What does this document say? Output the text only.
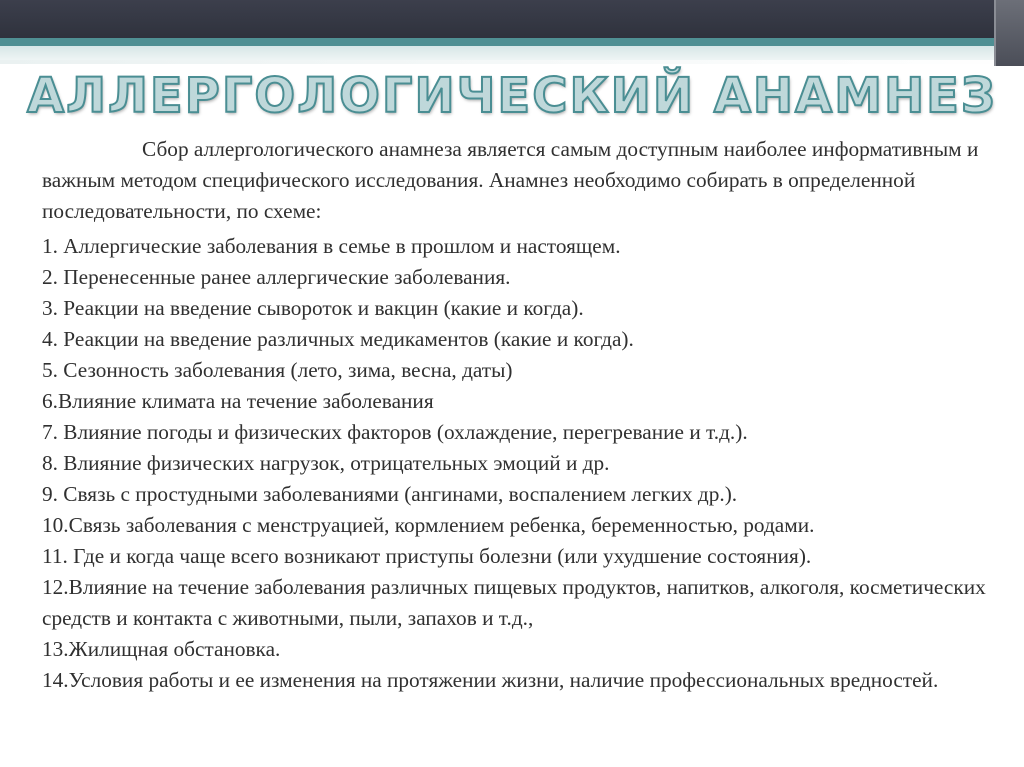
АЛЛЕРГОЛОГИЧЕСКИЙ АНАМНЕЗ

Сбор аллергологического анамнеза является самым доступным наиболее информативным и важным методом специфического исследования. Анамнез необходимо собирать в определенной последовательности, по схеме:

1. Аллергические заболевания в семье в прошлом и настоящем.
2. Перенесенные ранее аллергические заболевания.
3. Реакции на введение сывороток и вакцин (какие и когда).
4. Реакции на введение различных медикаментов (какие и когда).
5. Сезонность заболевания (лето, зима, весна, даты)
6.Влияние климата на течение заболевания
7. Влияние погоды и физических факторов (охлаждение, перегревание и т.д.).
8. Влияние физических нагрузок, отрицательных эмоций и др.
9. Связь с простудными заболеваниями (ангинами, воспалением легких др.).
10.Связь заболевания с менструацией, кормлением ребенка, беременностью, родами.
11. Где и когда чаще всего возникают приступы болезни (или ухудшение состояния).
12.Влияние на течение заболевания различных пищевых продуктов, напитков, алкоголя, косметических средств и контакта с животными, пыли, запахов и т.д.,
13.Жилищная обстановка.
14.Условия работы и ее изменения на протяжении жизни, наличие профессиональных вредностей.
